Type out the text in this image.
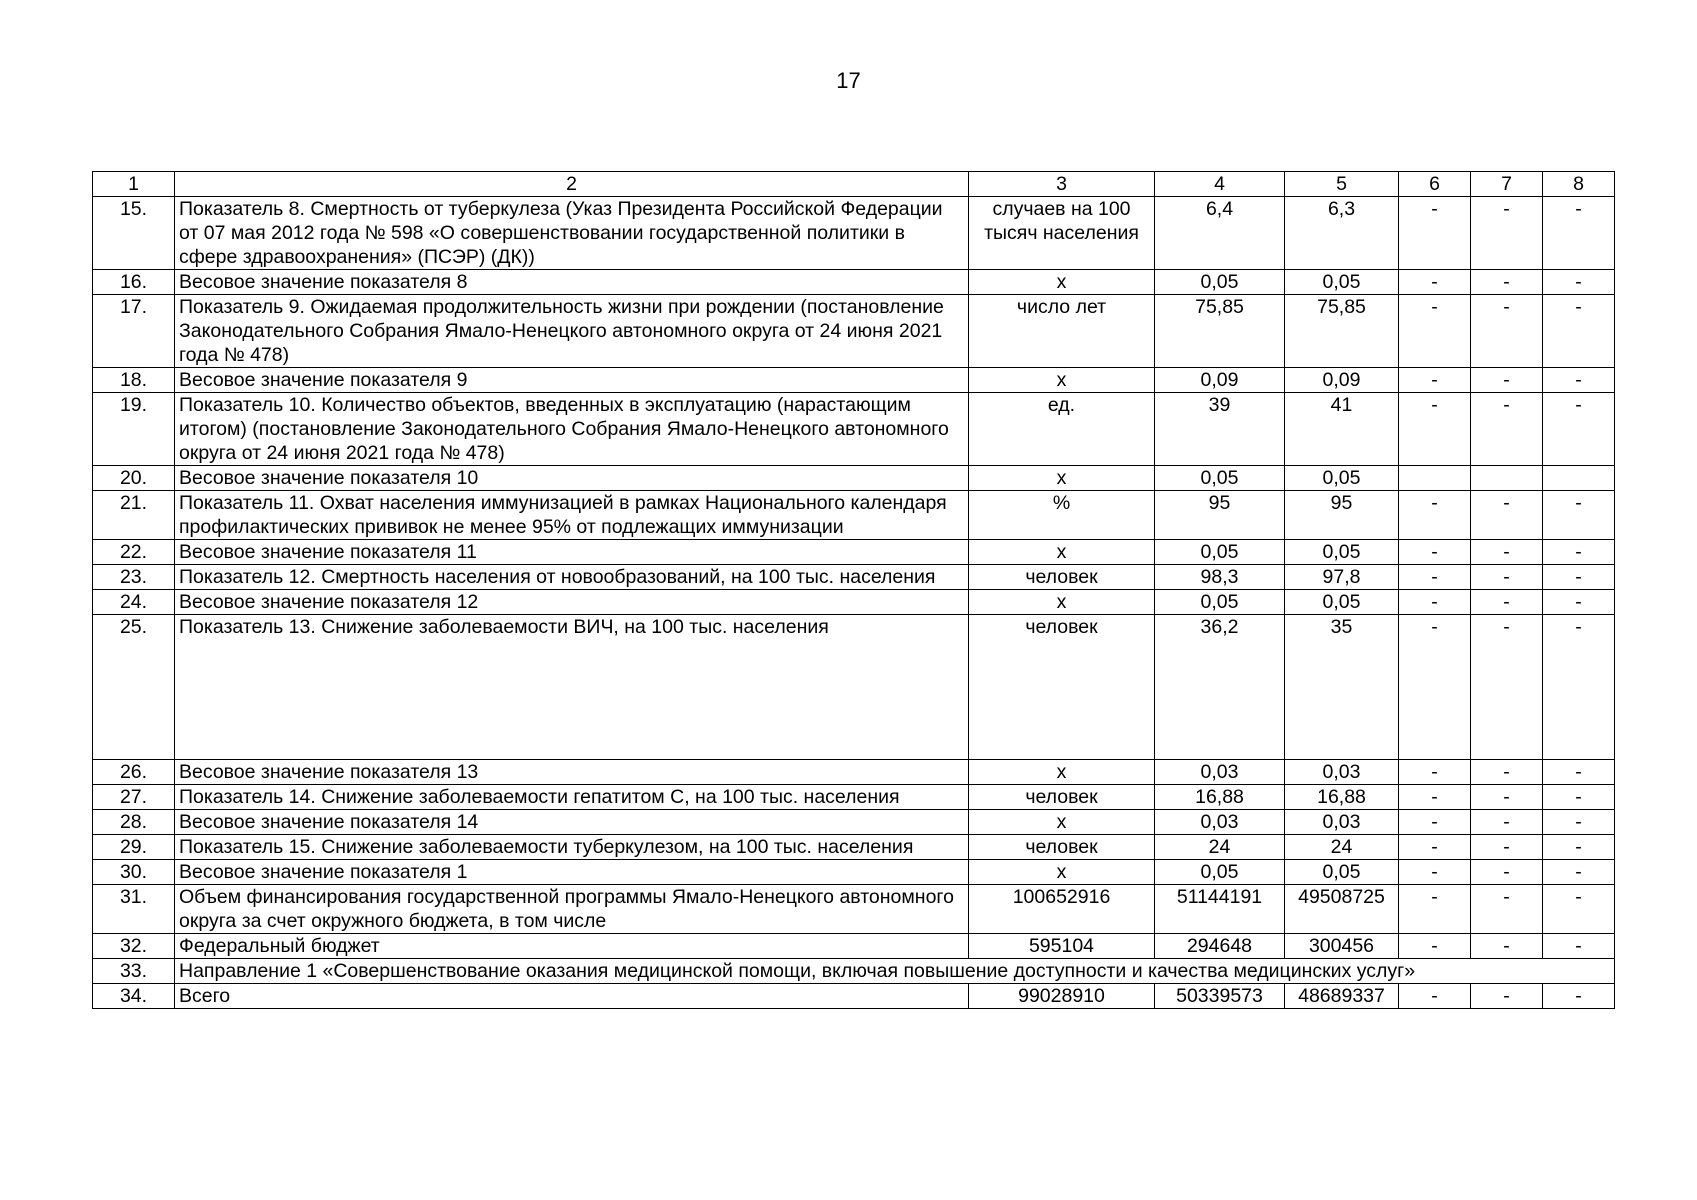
17
1	2	3	4	5	6	7	8
15.	Показатель 8. Смертность от туберкулеза (Указ Президента Российской Федерации от 07 мая 2012 года № 598 «О совершенствовании государственной политики в сфере здравоохранения» (ПСЭР) (ДК))	случаев на 100 тысяч населения	6,4	6,3	-	-	-
16.	Весовое значение показателя 8	x	0,05	0,05	-	-	-
17.	Показатель 9. Ожидаемая продолжительность жизни при рождении (постановление Законодательного Собрания Ямало-Ненецкого автономного округа от 24 июня 2021 года № 478)	число лет	75,85	75,85	-	-	-
18.	Весовое значение показателя 9	x	0,09	0,09	-	-	-
19.	Показатель 10. Количество объектов, введенных в эксплуатацию (нарастающим итогом) (постановление Законодательного Собрания Ямало-Ненецкого автономного округа от 24 июня 2021 года № 478)	ед.	39	41	-	-	-
20.	Весовое значение показателя 10	x	0,05	0,05			
21.	Показатель 11. Охват населения иммунизацией в рамках Национального календаря профилактических прививок не менее 95% от подлежащих иммунизации	%	95	95	-	-	-
22.	Весовое значение показателя 11	x	0,05	0,05	-	-	-
23.	Показатель 12. Смертность населения от новообразований, на 100 тыс. населения	человек	98,3	97,8	-	-	-
24.	Весовое значение показателя 12	x	0,05	0,05	-	-	-
25.	Показатель 13. Снижение заболеваемости ВИЧ, на 100 тыс. населения	человек	36,2	35	-	-	-
26.	Весовое значение показателя 13	x	0,03	0,03	-	-	-
27.	Показатель 14. Снижение заболеваемости гепатитом С, на 100 тыс. населения	человек	16,88	16,88	-	-	-
28.	Весовое значение показателя 14	x	0,03	0,03	-	-	-
29.	Показатель 15. Снижение заболеваемости туберкулезом, на 100 тыс. населения	человек	24	24	-	-	-
30.	Весовое значение показателя 1	x	0,05	0,05	-	-	-
31.	Объем финансирования государственной программы Ямало-Ненецкого автономного округа за счет окружного бюджета, в том числе	100652916	51144191	49508725	-	-	-
32.	Федеральный бюджет	595104	294648	300456	-	-	-
33.	Направление 1 «Совершенствование оказания медицинской помощи, включая повышение доступности и качества медицинских услуг»						
34.	Всего	99028910	50339573	48689337	-	-	-
